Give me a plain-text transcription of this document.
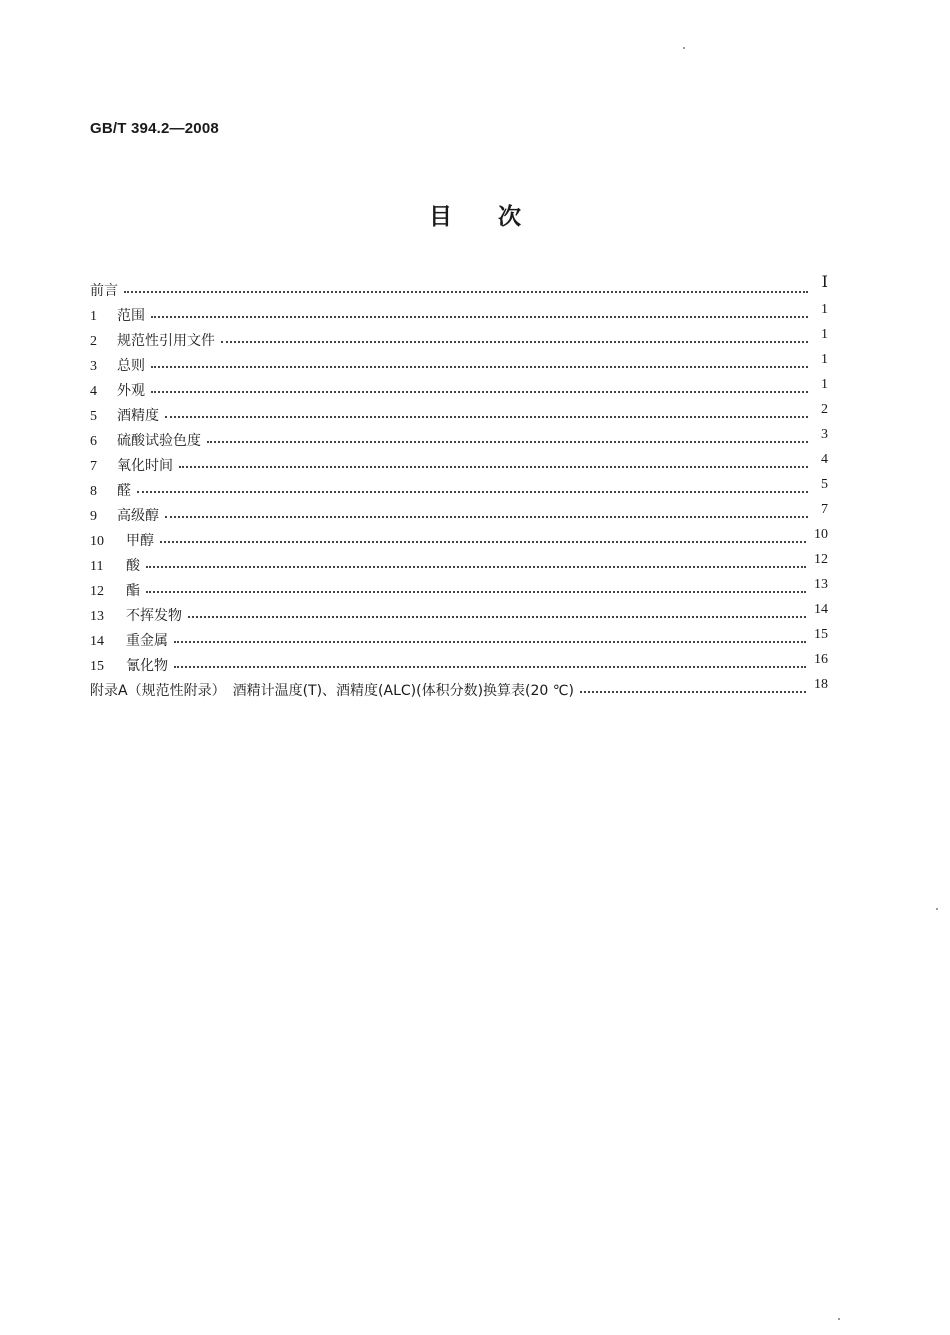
GB/T 394.2—2008
目 次
前言	Ⅰ
1	范围	1
2	规范性引用文件	1
3	总则	1
4	外观	1
5	酒精度	2
6	硫酸试验色度	3
7	氧化时间	4
8	醛	5
9	高级醇	7
10	甲醇	10
11	酸	12
12	酯	13
13	不挥发物	14
14	重金属	15
15	氰化物	16
附录A（规范性附录）　酒精计温度(T)、酒精度(ALC)(体积分数)换算表(20 ℃)	18
